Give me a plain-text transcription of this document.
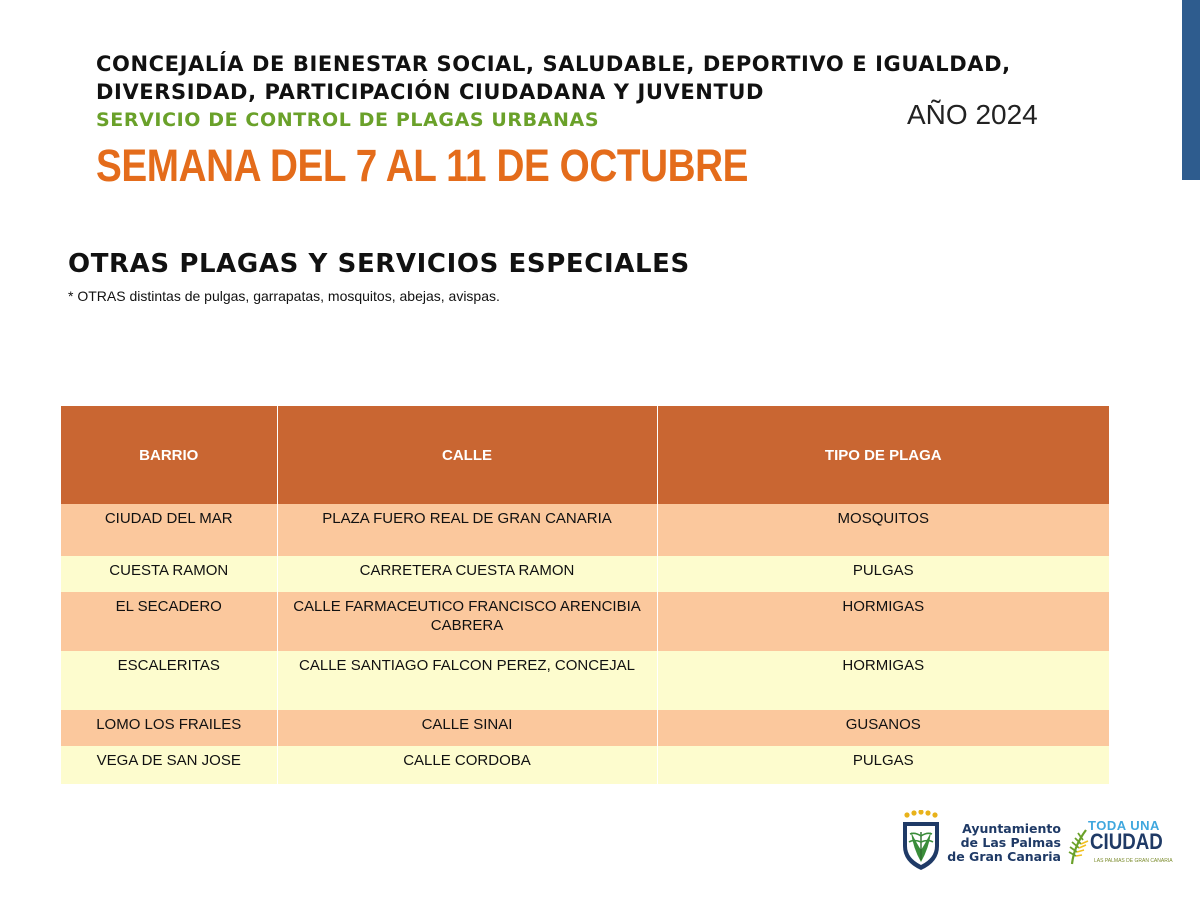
CONCEJALÍA DE BIENESTAR SOCIAL, SALUDABLE, DEPORTIVO E IGUALDAD, DIVERSIDAD, PARTICIPACIÓN CIUDADANA Y JUVENTUD
SERVICIO DE CONTROL DE PLAGAS URBANAS	AÑO 2024
SEMANA DEL 7 AL 11 DE OCTUBRE
OTRAS PLAGAS Y SERVICIOS ESPECIALES
* OTRAS distintas de pulgas, garrapatas, mosquitos, abejas, avispas.
BARRIO	CALLE	TIPO DE PLAGA
CIUDAD DEL MAR	PLAZA FUERO REAL DE GRAN CANARIA	MOSQUITOS
CUESTA RAMON	CARRETERA CUESTA RAMON	PULGAS
EL SECADERO	CALLE FARMACEUTICO FRANCISCO ARENCIBIA CABRERA	HORMIGAS
ESCALERITAS	CALLE SANTIAGO FALCON PEREZ, CONCEJAL	HORMIGAS
LOMO LOS FRAILES	CALLE SINAI	GUSANOS
VEGA DE SAN JOSE	CALLE CORDOBA	PULGAS
Ayuntamiento
de Las Palmas
de Gran Canaria
TODA UNA
CIUDAD
LAS PALMAS DE GRAN CANARIA
